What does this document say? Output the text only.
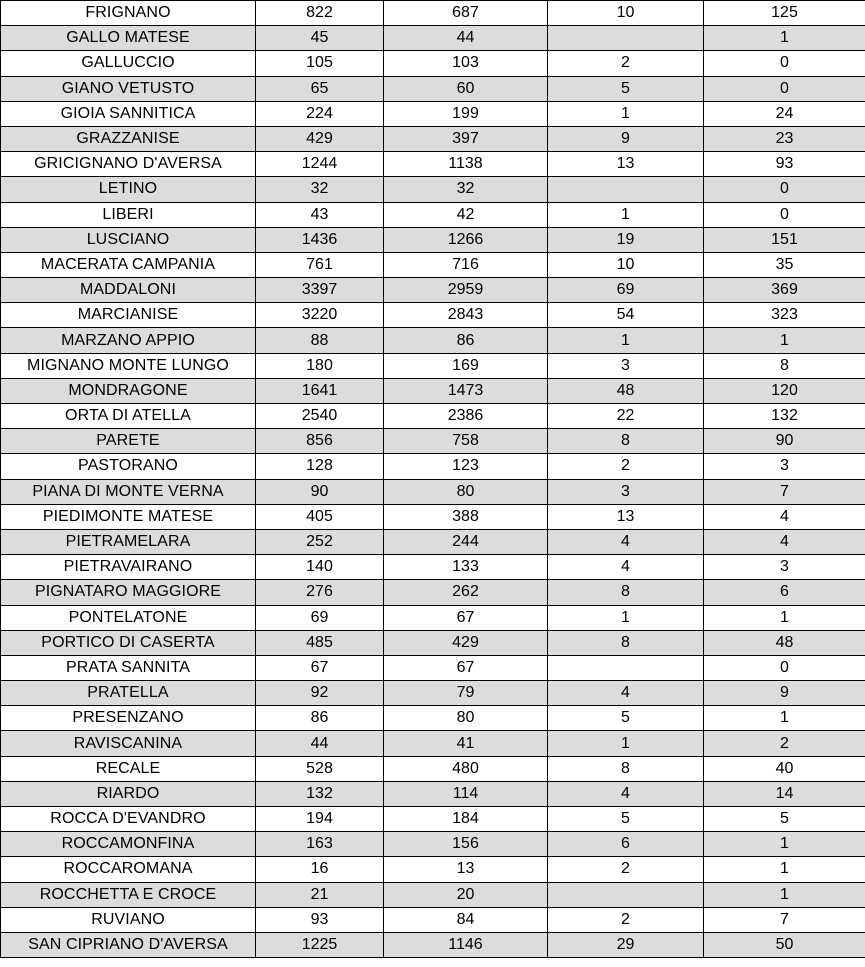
FRIGNANO	822	687	10	125
GALLO MATESE	45	44		1
GALLUCCIO	105	103	2	0
GIANO VETUSTO	65	60	5	0
GIOIA SANNITICA	224	199	1	24
GRAZZANISE	429	397	9	23
GRICIGNANO D'AVERSA	1244	1138	13	93
LETINO	32	32		0
LIBERI	43	42	1	0
LUSCIANO	1436	1266	19	151
MACERATA CAMPANIA	761	716	10	35
MADDALONI	3397	2959	69	369
MARCIANISE	3220	2843	54	323
MARZANO APPIO	88	86	1	1
MIGNANO MONTE LUNGO	180	169	3	8
MONDRAGONE	1641	1473	48	120
ORTA DI ATELLA	2540	2386	22	132
PARETE	856	758	8	90
PASTORANO	128	123	2	3
PIANA DI MONTE VERNA	90	80	3	7
PIEDIMONTE MATESE	405	388	13	4
PIETRAMELARA	252	244	4	4
PIETRAVAIRANO	140	133	4	3
PIGNATARO MAGGIORE	276	262	8	6
PONTELATONE	69	67	1	1
PORTICO DI CASERTA	485	429	8	48
PRATA SANNITA	67	67		0
PRATELLA	92	79	4	9
PRESENZANO	86	80	5	1
RAVISCANINA	44	41	1	2
RECALE	528	480	8	40
RIARDO	132	114	4	14
ROCCA D'EVANDRO	194	184	5	5
ROCCAMONFINA	163	156	6	1
ROCCAROMANA	16	13	2	1
ROCCHETTA E CROCE	21	20		1
RUVIANO	93	84	2	7
SAN CIPRIANO D'AVERSA	1225	1146	29	50
